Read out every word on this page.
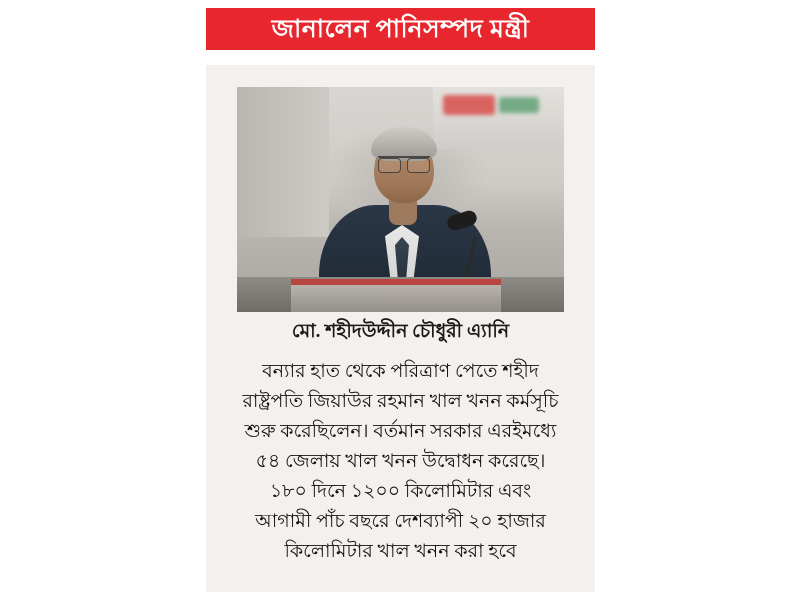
জানালেন পানিসম্পদ মন্ত্রী
মো. শহীদউদ্দীন চৌধুরী এ্যানি
বন্যার হাত থেকে পরিত্রাণ পেতে শহীদ রাষ্ট্রপতি জিয়াউর রহমান খাল খনন কর্মসূচি শুরু করেছিলেন। বর্তমান সরকার এরইমধ্যে ৫৪ জেলায় খাল খনন উদ্বোধন করেছে। ১৮০ দিনে ১২০০ কিলোমিটার এবং আগামী পাঁচ বছরে দেশব্যাপী ২০ হাজার কিলোমিটার খাল খনন করা হবে
